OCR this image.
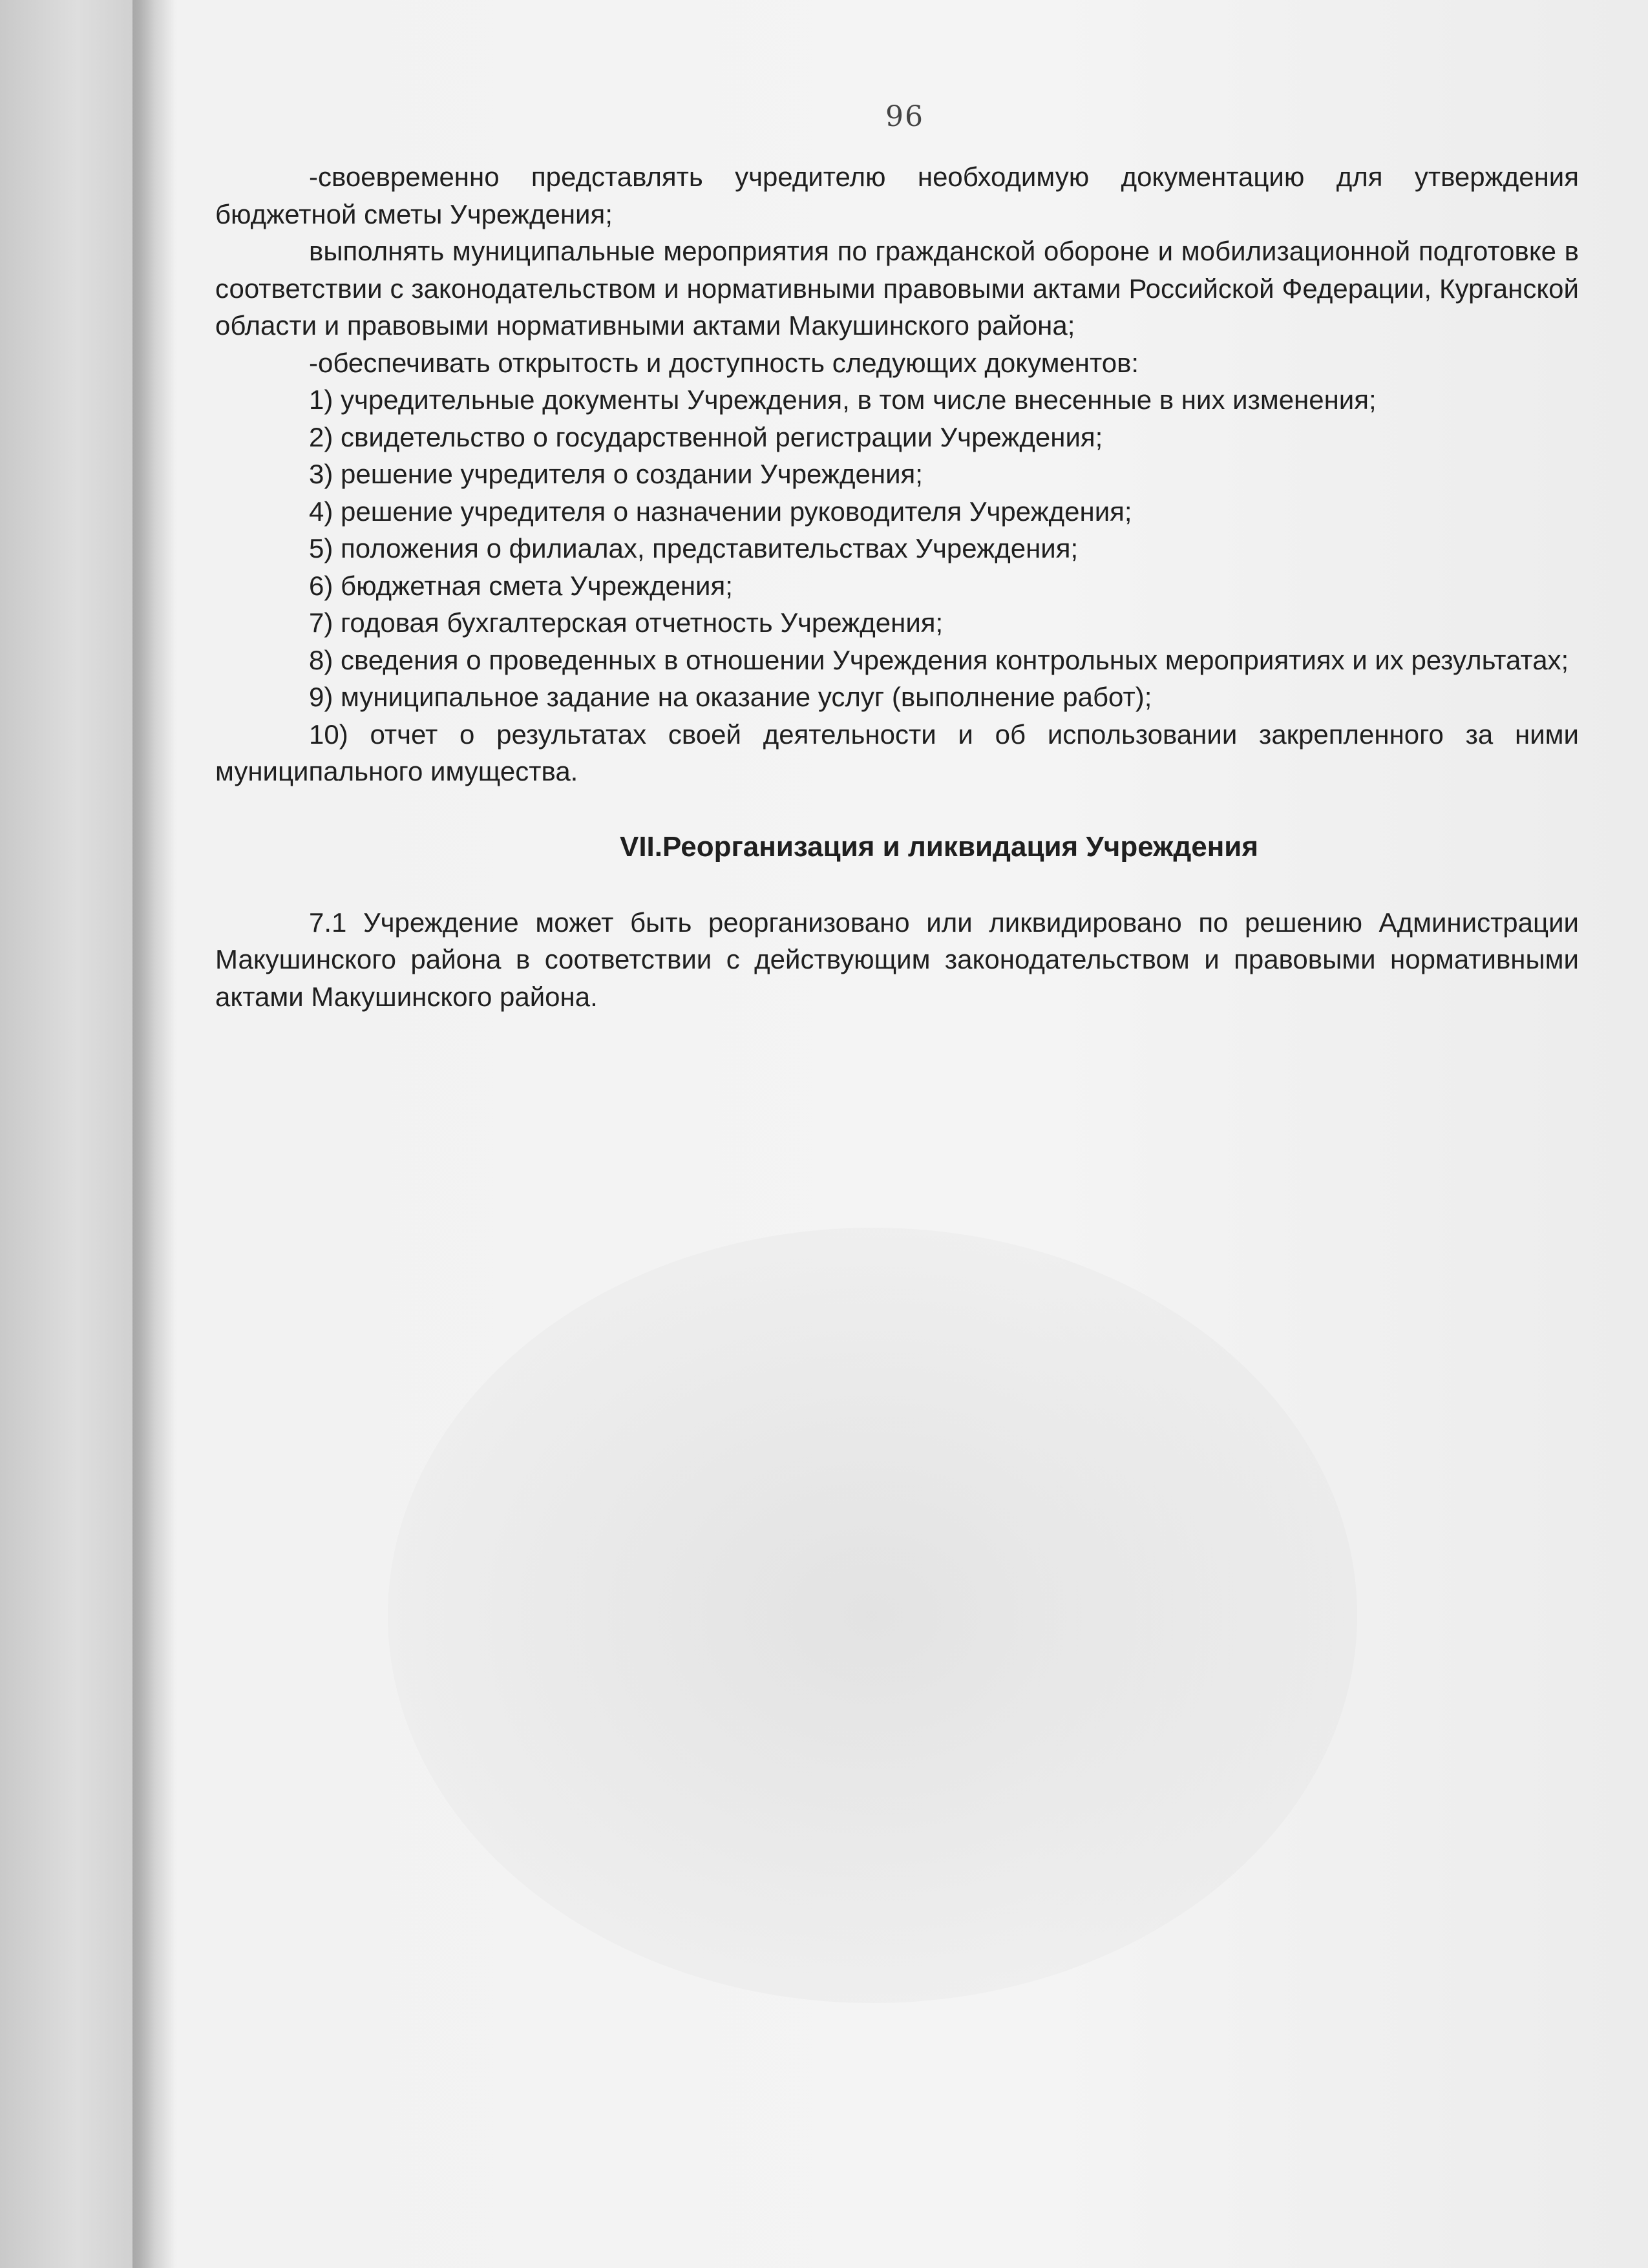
96

-своевременно представлять учредителю необходимую документацию для утверждения бюджетной сметы Учреждения;

выполнять муниципальные мероприятия по гражданской обороне и мобилизационной подготовке в соответствии с законодательством и нормативными правовыми актами Российской Федерации, Курганской области и правовыми нормативными актами Макушинского района;

-обеспечивать открытость и доступность следующих документов:

1) учредительные документы Учреждения, в том числе внесенные в них изменения;

2) свидетельство о государственной регистрации Учреждения;

3) решение учредителя о создании Учреждения;

4) решение учредителя о назначении руководителя Учреждения;

5) положения о филиалах, представительствах Учреждения;

6) бюджетная смета Учреждения;

7) годовая бухгалтерская отчетность Учреждения;

8) сведения о проведенных в отношении Учреждения контрольных мероприятиях и их результатах;

9) муниципальное задание на оказание услуг (выполнение работ);

10) отчет о результатах своей деятельности и об использовании закрепленного за ними муниципального имущества.

VII.Реорганизация и ликвидация Учреждения

7.1 Учреждение может быть реорганизовано или ликвидировано по решению Администрации Макушинского района в соответствии с действующим законодательством и правовыми нормативными актами Макушинского района.
